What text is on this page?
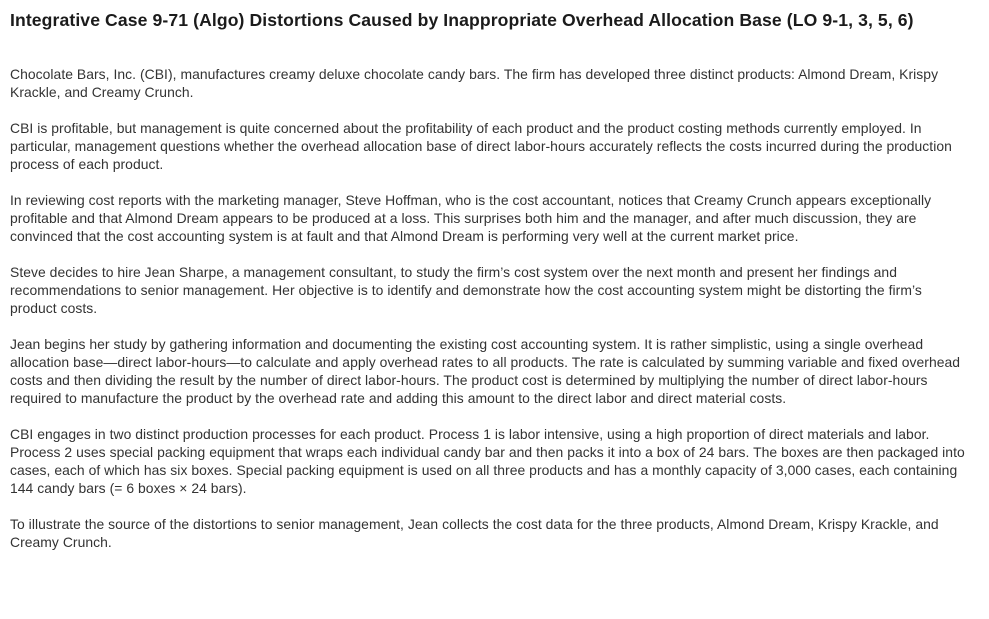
Integrative Case 9-71 (Algo) Distortions Caused by Inappropriate Overhead Allocation Base (LO 9-1, 3, 5, 6)

Chocolate Bars, Inc. (CBI), manufactures creamy deluxe chocolate candy bars. The firm has developed three distinct products: Almond Dream, Krispy Krackle, and Creamy Crunch.

CBI is profitable, but management is quite concerned about the profitability of each product and the product costing methods currently employed. In particular, management questions whether the overhead allocation base of direct labor-hours accurately reflects the costs incurred during the production process of each product.

In reviewing cost reports with the marketing manager, Steve Hoffman, who is the cost accountant, notices that Creamy Crunch appears exceptionally profitable and that Almond Dream appears to be produced at a loss. This surprises both him and the manager, and after much discussion, they are convinced that the cost accounting system is at fault and that Almond Dream is performing very well at the current market price.

Steve decides to hire Jean Sharpe, a management consultant, to study the firm’s cost system over the next month and present her findings and recommendations to senior management. Her objective is to identify and demonstrate how the cost accounting system might be distorting the firm’s product costs.

Jean begins her study by gathering information and documenting the existing cost accounting system. It is rather simplistic, using a single overhead allocation base—direct labor-hours—to calculate and apply overhead rates to all products. The rate is calculated by summing variable and fixed overhead costs and then dividing the result by the number of direct labor-hours. The product cost is determined by multiplying the number of direct labor-hours required to manufacture the product by the overhead rate and adding this amount to the direct labor and direct material costs.

CBI engages in two distinct production processes for each product. Process 1 is labor intensive, using a high proportion of direct materials and labor. Process 2 uses special packing equipment that wraps each individual candy bar and then packs it into a box of 24 bars. The boxes are then packaged into cases, each of which has six boxes. Special packing equipment is used on all three products and has a monthly capacity of 3,000 cases, each containing 144 candy bars (= 6 boxes × 24 bars).

To illustrate the source of the distortions to senior management, Jean collects the cost data for the three products, Almond Dream, Krispy Krackle, and Creamy Crunch.
